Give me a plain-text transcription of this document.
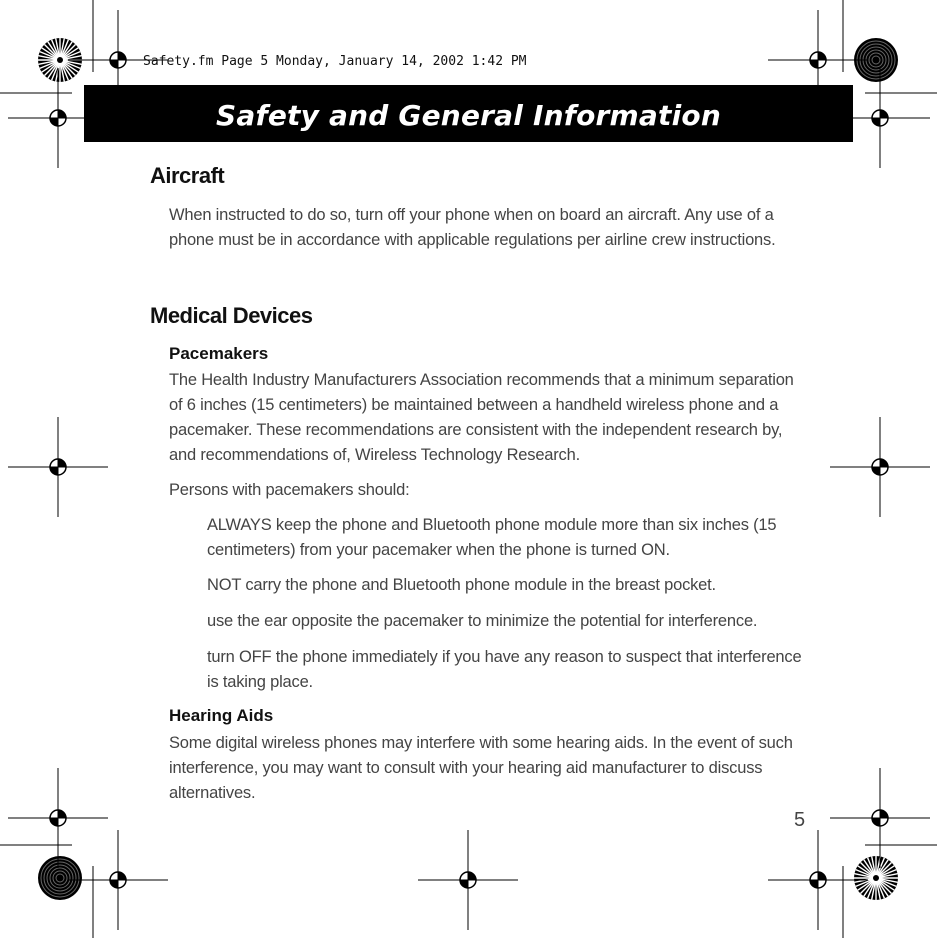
Safety.fm Page 5 Monday, January 14, 2002 1:42 PM
Safety and General Information
Aircraft
When instructed to do so, turn off your phone when on board an aircraft. Any use of a phone must be in accordance with applicable regulations per airline crew instructions.
Medical Devices
Pacemakers
The Health Industry Manufacturers Association recommends that a minimum separation of 6 inches (15 centimeters) be maintained between a handheld wireless phone and a pacemaker. These recommendations are consistent with the independent research by, and recommendations of, Wireless Technology Research.
Persons with pacemakers should:
ALWAYS keep the phone and Bluetooth phone module more than six inches (15 centimeters) from your pacemaker when the phone is turned ON.
NOT carry the phone and Bluetooth phone module in the breast pocket.
use the ear opposite the pacemaker to minimize the potential for interference.
turn OFF the phone immediately if you have any reason to suspect that interference is taking place.
Hearing Aids
Some digital wireless phones may interfere with some hearing aids. In the event of such interference, you may want to consult with your hearing aid manufacturer to discuss alternatives.
5
